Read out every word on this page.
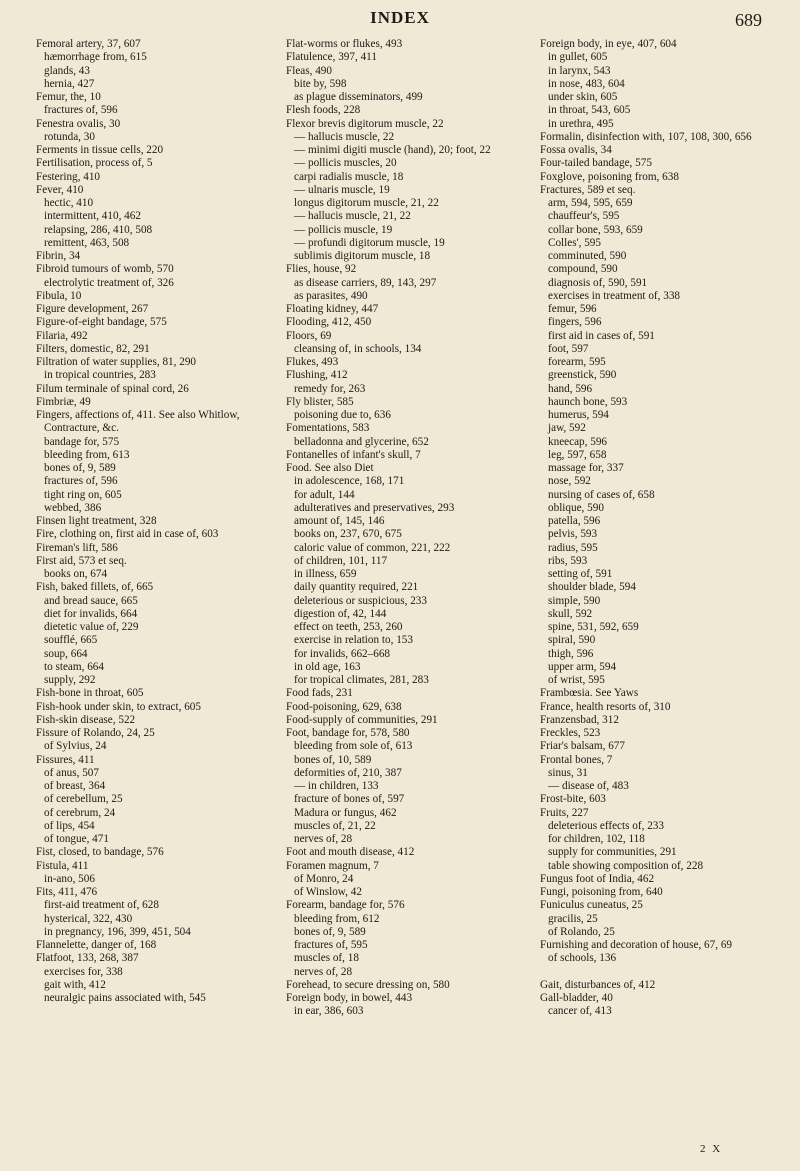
INDEX	689

Femoral artery, 37, 607

hæmorrhage from, 615

glands, 43

hernia, 427

Femur, the, 10

fractures of, 596

Fenestra ovalis, 30

rotunda, 30

Ferments in tissue cells, 220

Fertilisation, process of, 5

Festering, 410

Fever, 410

hectic, 410

intermittent, 410, 462

relapsing, 286, 410, 508

remittent, 463, 508

Fibrin, 34

Fibroid tumours of womb, 570

electrolytic treatment of, 326

Fibula, 10

Figure development, 267

Figure-of-eight bandage, 575

Filaria, 492

Filters, domestic, 82, 291

Filtration of water supplies, 81, 290

in tropical countries, 283

Filum terminale of spinal cord, 26

Fimbriæ, 49

Fingers, affections of, 411. See also Whitlow, Contracture, &c.

bandage for, 575

bleeding from, 613

bones of, 9, 589

fractures of, 596

tight ring on, 605

webbed, 386

Finsen light treatment, 328

Fire, clothing on, first aid in case of, 603

Fireman's lift, 586

First aid, 573 et seq.

books on, 674

Fish, baked fillets, of, 665

and bread sauce, 665

diet for invalids, 664

dietetic value of, 229

soufflé, 665

soup, 664

to steam, 664

supply, 292

Fish-bone in throat, 605

Fish-hook under skin, to extract, 605

Fish-skin disease, 522

Fissure of Rolando, 24, 25

of Sylvius, 24

Fissures, 411

of anus, 507

of breast, 364

of cerebellum, 25

of cerebrum, 24

of lips, 454

of tongue, 471

Fist, closed, to bandage, 576

Fistula, 411

in-ano, 506

Fits, 411, 476

first-aid treatment of, 628

hysterical, 322, 430

in pregnancy, 196, 399, 451, 504

Flannelette, danger of, 168

Flatfoot, 133, 268, 387

exercises for, 338

gait with, 412

neuralgic pains associated with, 545

Flat-worms or flukes, 493

Flatulence, 397, 411

Fleas, 490

bite by, 598

as plague disseminators, 499

Flesh foods, 228

Flexor brevis digitorum muscle, 22

— hallucis muscle, 22

— minimi digiti muscle (hand), 20; foot, 22

— pollicis muscles, 20

carpi radialis muscle, 18

— ulnaris muscle, 19

longus digitorum muscle, 21, 22

— hallucis muscle, 21, 22

— pollicis muscle, 19

— profundi digitorum muscle, 19

sublimis digitorum muscle, 18

Flies, house, 92

as disease carriers, 89, 143, 297

as parasites, 490

Floating kidney, 447

Flooding, 412, 450

Floors, 69

cleansing of, in schools, 134

Flukes, 493

Flushing, 412

remedy for, 263

Fly blister, 585

poisoning due to, 636

Fomentations, 583

belladonna and glycerine, 652

Fontanelles of infant's skull, 7

Food. See also Diet

in adolescence, 168, 171

for adult, 144

adulteratives and preservatives, 293

amount of, 145, 146

books on, 237, 670, 675

caloric value of common, 221, 222

of children, 101, 117

in illness, 659

daily quantity required, 221

deleterious or suspicious, 233

digestion of, 42, 144

effect on teeth, 253, 260

exercise in relation to, 153

for invalids, 662–668

in old age, 163

for tropical climates, 281, 283

Food fads, 231

Food-poisoning, 629, 638

Food-supply of communities, 291

Foot, bandage for, 578, 580

bleeding from sole of, 613

bones of, 10, 589

deformities of, 210, 387

— in children, 133

fracture of bones of, 597

Madura or fungus, 462

muscles of, 21, 22

nerves of, 28

Foot and mouth disease, 412

Foramen magnum, 7

of Monro, 24

of Winslow, 42

Forearm, bandage for, 576

bleeding from, 612

bones of, 9, 589

fractures of, 595

muscles of, 18

nerves of, 28

Forehead, to secure dressing on, 580

Foreign body, in bowel, 443

in ear, 386, 603

Foreign body, in eye, 407, 604

in gullet, 605

in larynx, 543

in nose, 483, 604

under skin, 605

in throat, 543, 605

in urethra, 495

Formalin, disinfection with, 107, 108, 300, 656

Fossa ovalis, 34

Four-tailed bandage, 575

Foxglove, poisoning from, 638

Fractures, 589 et seq.

arm, 594, 595, 659

chauffeur's, 595

collar bone, 593, 659

Colles', 595

comminuted, 590

compound, 590

diagnosis of, 590, 591

exercises in treatment of, 338

femur, 596

fingers, 596

first aid in cases of, 591

foot, 597

forearm, 595

greenstick, 590

hand, 596

haunch bone, 593

humerus, 594

jaw, 592

kneecap, 596

leg, 597, 658

massage for, 337

nose, 592

nursing of cases of, 658

oblique, 590

patella, 596

pelvis, 593

radius, 595

ribs, 593

setting of, 591

shoulder blade, 594

simple, 590

skull, 592

spine, 531, 592, 659

spiral, 590

thigh, 596

upper arm, 594

of wrist, 595

Frambœsia. See Yaws

France, health resorts of, 310

Franzensbad, 312

Freckles, 523

Friar's balsam, 677

Frontal bones, 7

sinus, 31

— disease of, 483

Frost-bite, 603

Fruits, 227

deleterious effects of, 233

for children, 102, 118

supply for communities, 291

table showing composition of, 228

Fungus foot of India, 462

Fungi, poisoning from, 640

Funiculus cuneatus, 25

gracilis, 25

of Rolando, 25

Furnishing and decoration of house, 67, 69

of schools, 136

Gait, disturbances of, 412

Gall-bladder, 40

cancer of, 413

2 X
